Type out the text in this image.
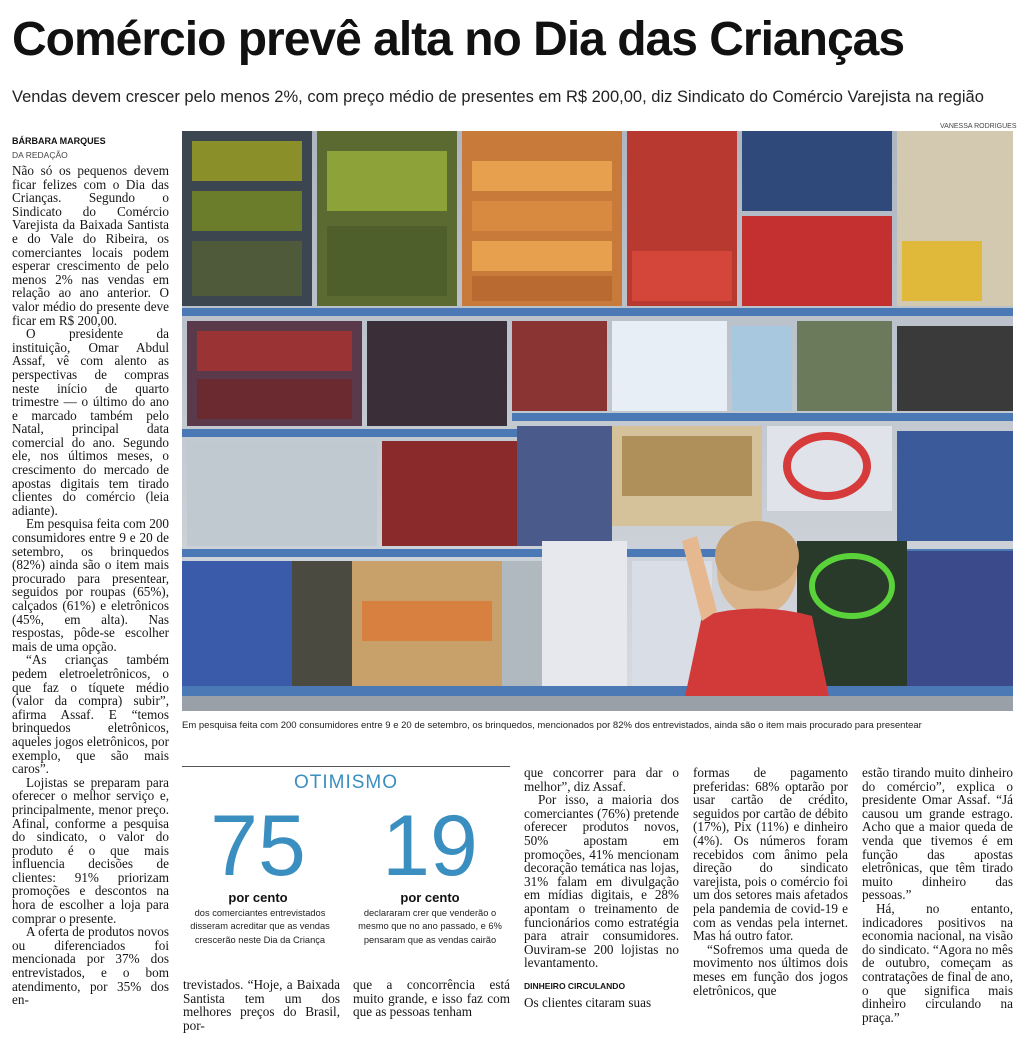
Comércio prevê alta no Dia das Crianças
Vendas devem crescer pelo menos 2%, com preço médio de presentes em R$ 200,00, diz Sindicato do Comércio Varejista na região
BÁRBARA MARQUES
DA REDAÇÃO

Não só os pequenos devem ficar felizes com o Dia das Crianças. Segundo o Sindicato do Comércio Varejista da Baixada Santista e do Vale do Ribeira, os comerciantes locais podem esperar crescimento de pelo menos 2% nas vendas em relação ao ano anterior. O valor médio do presente deve ficar em R$ 200,00.

O presidente da instituição, Omar Abdul Assaf, vê com alento as perspectivas de compras neste início de quarto trimestre — o último do ano e marcado também pelo Natal, principal data comercial do ano. Segundo ele, nos últimos meses, o crescimento do mercado de apostas digitais tem tirado clientes do comércio (leia adiante).

Em pesquisa feita com 200 consumidores entre 9 e 20 de setembro, os brinquedos (82%) ainda são o item mais procurado para presentear, seguidos por roupas (65%), calçados (61%) e eletrônicos (45%, em alta). Nas respostas, pôde-se escolher mais de uma opção.

“As crianças também pedem eletroeletrônicos, o que faz o tíquete médio (valor da compra) subir”, afirma Assaf. E “temos brinquedos eletrônicos, aqueles jogos eletrônicos, por exemplo, que são mais caros”.

Lojistas se preparam para oferecer o melhor serviço e, principalmente, menor preço. Afinal, conforme a pesquisa do sindicato, o valor do produto é o que mais influencia decisões de clientes: 91% priorizam promoções e descontos na hora de escolher a loja para comprar o presente.

A oferta de produtos novos ou diferenciados foi mencionada por 37% dos entrevistados, e o bom atendimento, por 35% dos en-

VANESSA RODRIGUES
Em pesquisa feita com 200 consumidores entre 9 e 20 de setembro, os brinquedos, mencionados por 82% dos entrevistados, ainda são o item mais procurado para presentear
OTIMISMO
75
por cento
dos comerciantes entrevistados disseram acreditar que as vendas crescerão neste Dia da Criança
19
por cento
declararam crer que venderão o mesmo que no ano passado, e 6% pensaram que as vendas cairão

trevistados. “Hoje, a Baixada Santista tem um dos melhores preços do Brasil, por-

que a concorrência está muito grande, e isso faz com que as pessoas tenham

que concorrer para dar o melhor”, diz Assaf.

Por isso, a maioria dos comerciantes (76%) pretende oferecer produtos novos, 50% apostam em promoções, 41% mencionam decoração temática nas lojas, 31% falam em divulgação em mídias digitais, e 28% apontam o treinamento de funcionários como estratégia para atrair consumidores. Ouviram-se 200 lojistas no levantamento.

DINHEIRO CIRCULANDO

Os clientes citaram suas

formas de pagamento preferidas: 68% optarão por usar cartão de crédito, seguidos por cartão de débito (17%), Pix (11%) e dinheiro (4%). Os números foram recebidos com ânimo pela direção do sindicato varejista, pois o comércio foi um dos setores mais afetados pela pandemia de covid-19 e com as vendas pela internet. Mas há outro fator.

“Sofremos uma queda de movimento nos últimos dois meses em função dos jogos eletrônicos, que

estão tirando muito dinheiro do comércio”, explica o presidente Omar Assaf. “Já causou um grande estrago. Acho que a maior queda de venda que tivemos é em função das apostas eletrônicas, que têm tirado muito dinheiro das pessoas.”

Há, no entanto, indicadores positivos na economia nacional, na visão do sindicato. “Agora no mês de outubro, começam as contratações de final de ano, o que significa mais dinheiro circulando na praça.”
